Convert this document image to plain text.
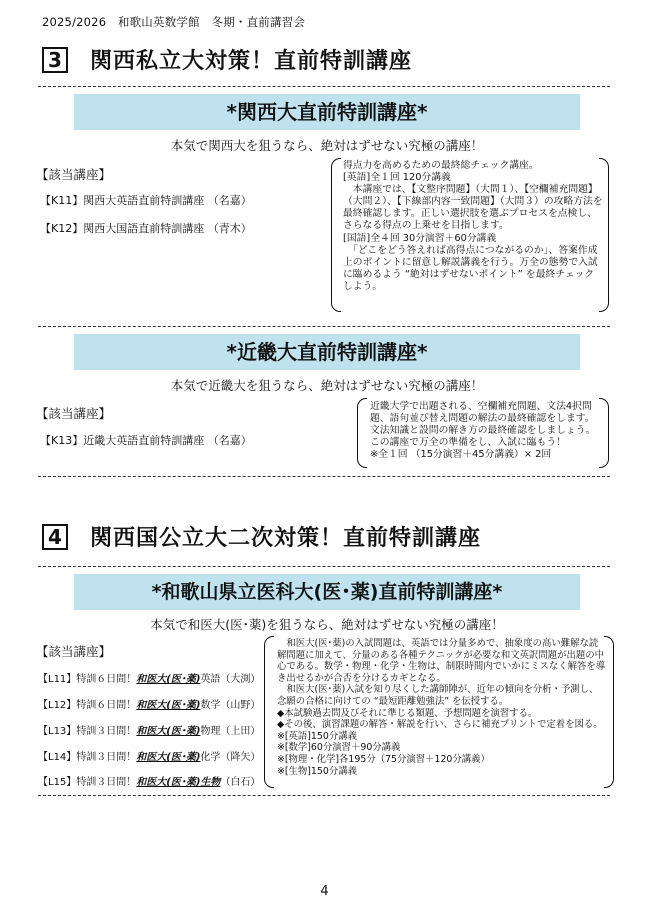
2025/2026　和歌山英数学館　冬期・直前講習会
3 関西私立大対策！直前特訓講座
*関西大直前特訓講座*
本気で関西大を狙うなら、絶対はずせない究極の講座！
【該当講座】
【K11】関西大英語直前特訓講座 （名嘉）
【K12】関西大国語直前特訓講座 （青木）
得点力を高めるための最終総チェック講座。
[英語]全１回 120分講義
　本講座では、【文整序問題】（大問１）、【空欄補充問題】（大問２）、【下線部内容一致問題】（大問３）の攻略方法を最終確認します。正しい選択肢を選ぶプロセスを点検し、さらなる得点の上乗せを目指します。
[国語]全４回 30分演習＋60分講義
　「どこをどう答えれば高得点につながるのか」、答案作成上のポイントに留意し解説講義を行う。万全の態勢で入試に臨めるよう “絶対はずせないポイント” を最終チェックしよう。
*近畿大直前特訓講座*
本気で近畿大を狙うなら、絶対はずせない究極の講座！
【該当講座】
【K13】近畿大英語直前特訓講座 （名嘉）
近畿大学で出題される、空欄補充問題、文法4択問題、語句並び替え問題の解法の最終確認をします。文法知識と設問の解き方の最終確認をしましょう。この講座で万全の準備をし、入試に臨もう！
※全１回 （15分演習＋45分講義）× 2回
4 関西国公立大二次対策！直前特訓講座
*和歌山県立医科大(医･薬)直前特訓講座*
本気で和医大(医･薬)を狙うなら、絶対はずせない究極の講座！
【該当講座】
【L11】特訓６日間！和医大(医･薬)英語（大渕）
【L12】特訓６日間！和医大(医･薬)数学（山野）
【L13】特訓３日間！和医大(医･薬)物理（上田）
【L14】特訓３日間！和医大(医･薬)化学（降矢）
【L15】特訓３日間！和医大(医･薬)生物（白石）
　和医大(医･薬)の入試問題は、英語では分量多めで、抽象度の高い難解な読解問題に加えて、分量のある各種テクニックが必要な和文英訳問題が出題の中心である。数学・物理・化学・生物は、制限時間内でいかにミスなく解答を導き出せるかが合否を分けるカギとなる。
　和医大(医･薬)入試を知り尽くした講師陣が、近年の傾向を分析・予測し、念願の合格に向けての “最短距離勉強法” を伝授する。
◆本試験過去問及びそれに準じる類題、予想問題を演習する。
◆その後、演習課題の解答・解説を行い、さらに補充プリントで定着を図る。
※[英語]150分講義
※[数学]60分演習＋90分講義
※[物理・化学]各195分（75分演習＋120分講義）
※[生物]150分講義
4
